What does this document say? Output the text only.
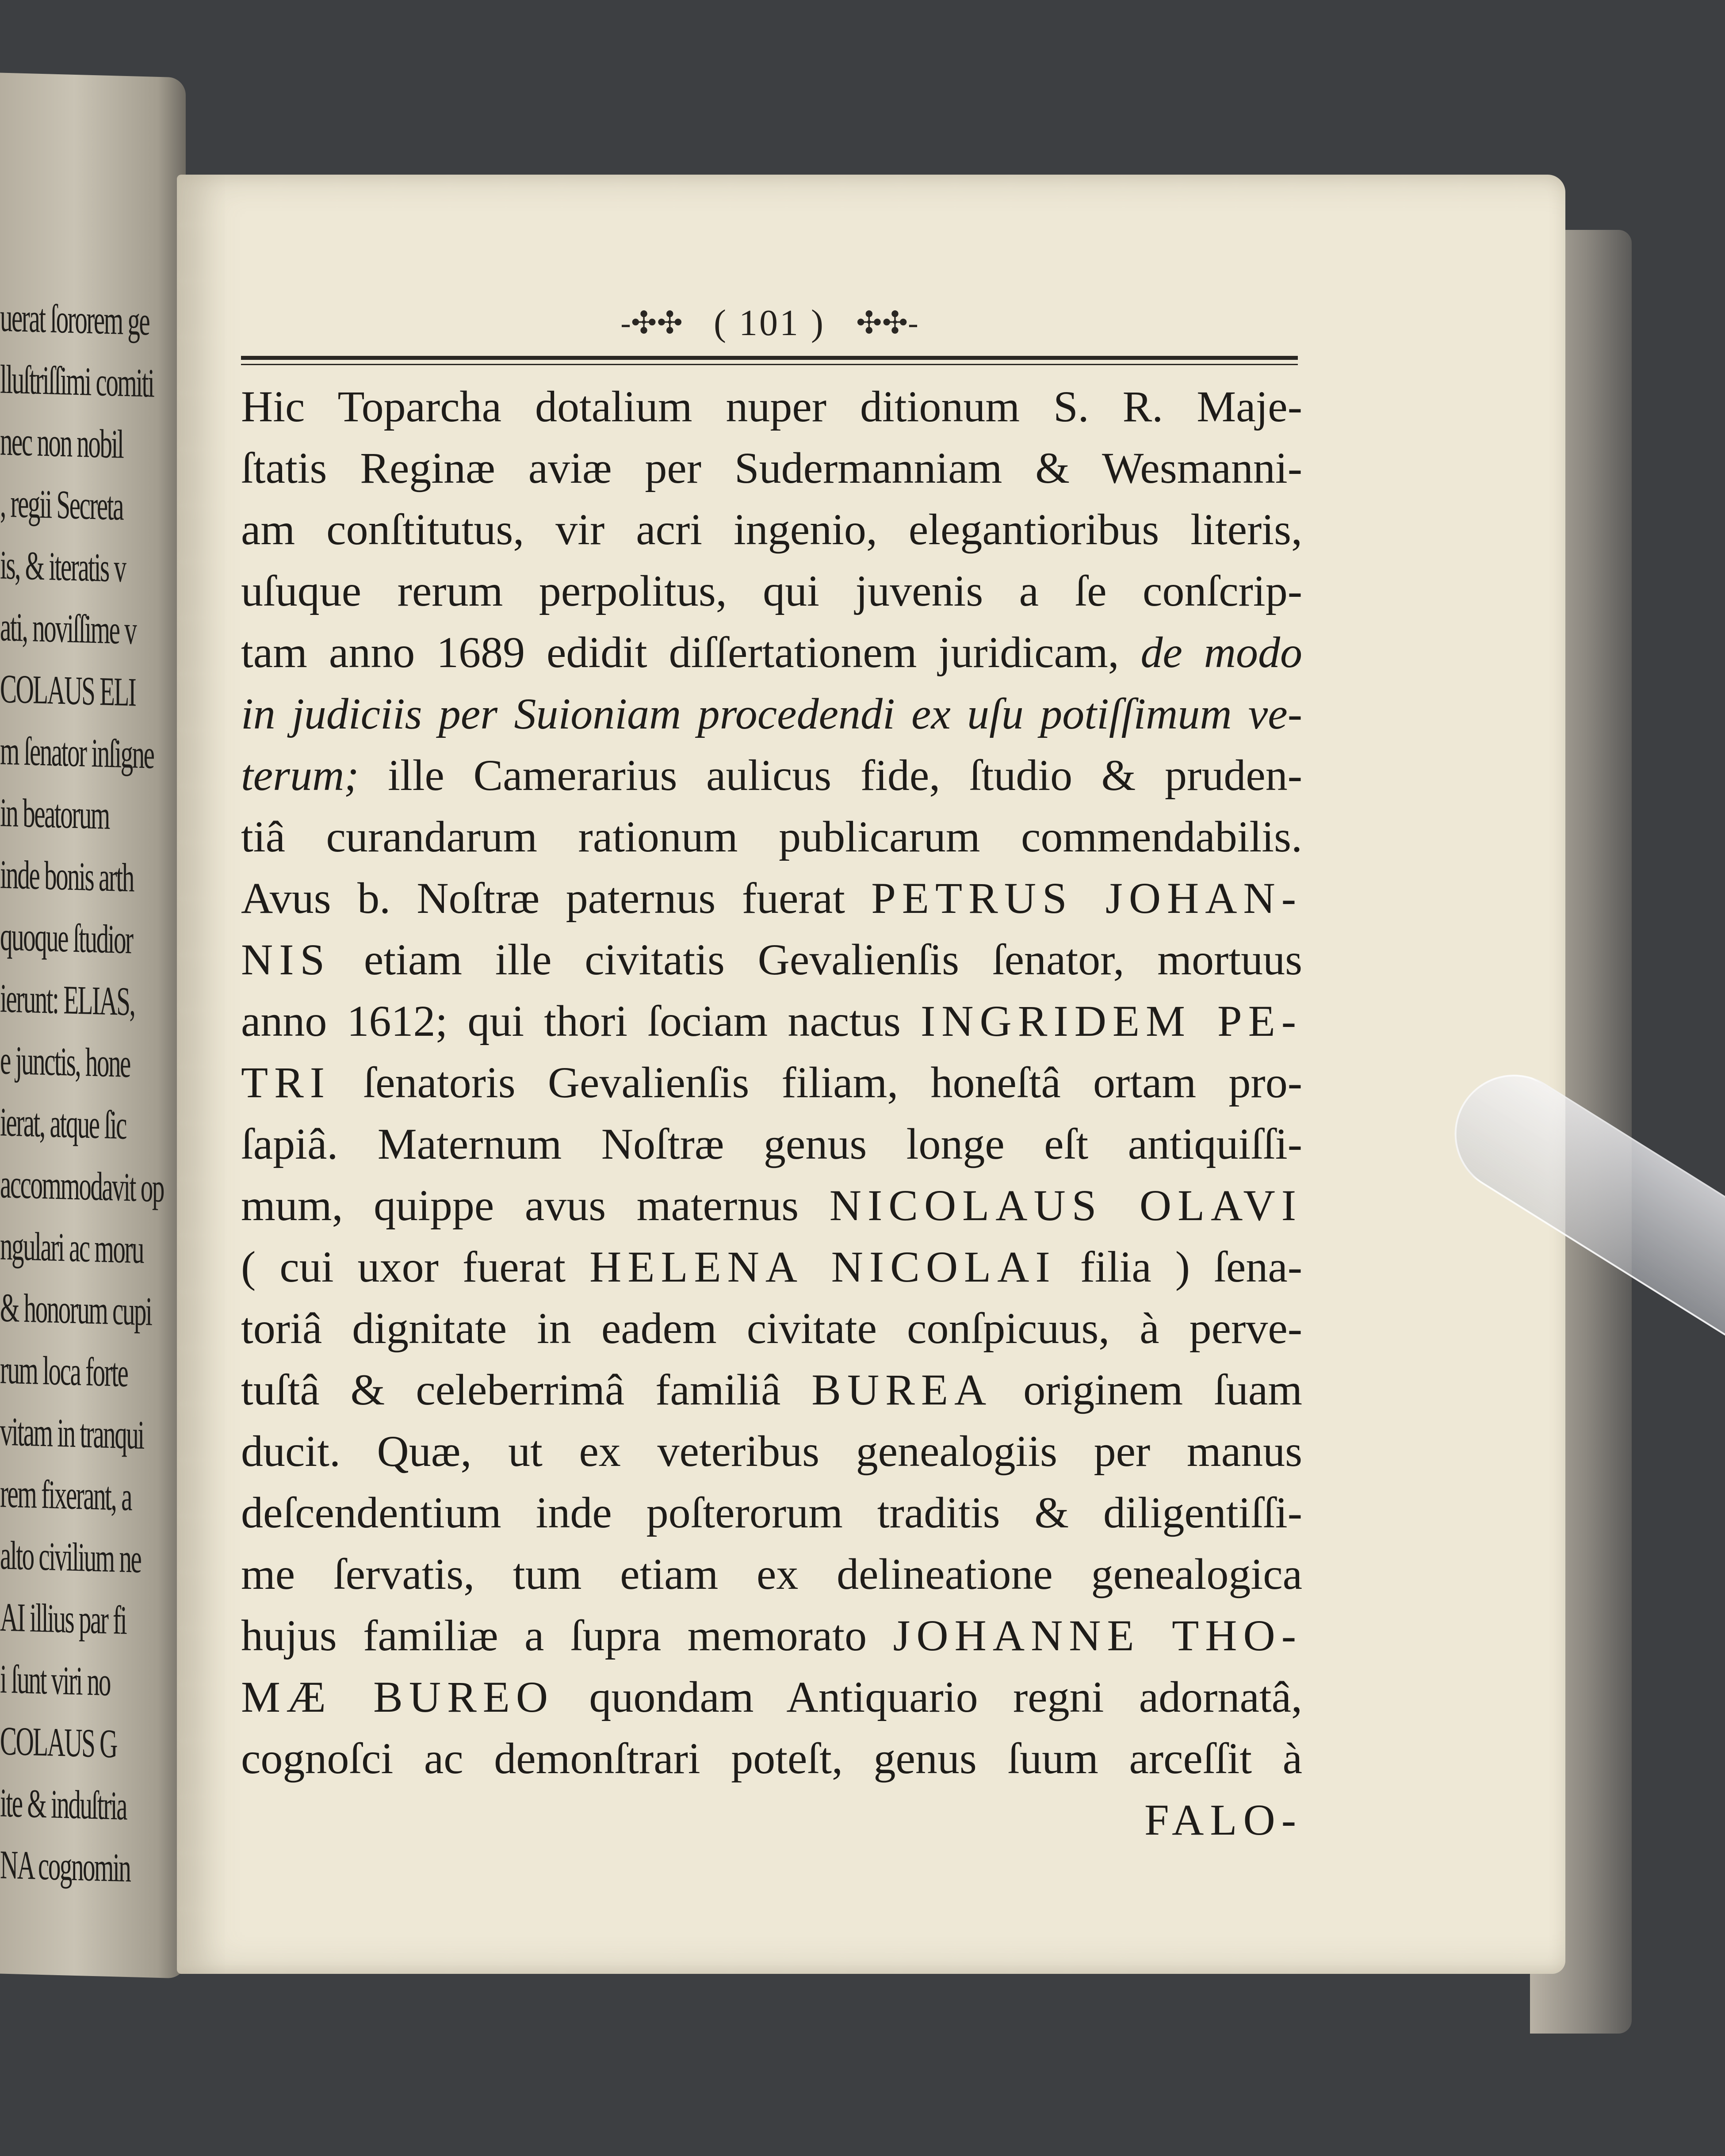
uerat ſororem ge
lluſtriſſimi comiti
nec non nobil
, regii Secreta
is, & iteratis v
ati, noviſſime v
COLAUS ELI
m ſenator inſigne
in beatorum
inde bonis arth
quoque ſtudior
ierunt: ELIAS,
e junctis, hone
ierat, atque ſic
accommodavit op
ngulari ac moru
& honorum cupi
rum loca forte
vitam in tranqui
rem fixerant, a
alto civilium ne
AI illius par fi
i ſunt viri no
COLAUS G
ite & induſtria
NA cognomin
-✣✣ ( 101 ) ✣✣-
Hic Toparcha dotalium nuper ditionum S. R. Maje-
ſtatis Reginæ aviæ per Sudermanniam & Wesmanni-
am conſtitutus, vir acri ingenio, elegantioribus literis,
uſuque rerum perpolitus, qui juvenis a ſe conſcrip-
tam anno 1689 edidit diſſertationem juridicam, de modo
in judiciis per Suioniam procedendi ex uſu potiſſimum ve-
terum; ille Camerarius aulicus fide, ſtudio & pruden-
tiâ curandarum rationum publicarum commendabilis.
Avus b. Noſtræ paternus fuerat PETRUS JOHAN-
NIS etiam ille civitatis Gevalienſis ſenator, mortuus
anno 1612; qui thori ſociam nactus INGRIDEM PE-
TRI ſenatoris Gevalienſis filiam, honeſtâ ortam pro-
ſapiâ. Maternum Noſtræ genus longe eſt antiquiſſi-
mum, quippe avus maternus NICOLAUS OLAVI
( cui uxor fuerat HELENA NICOLAI filia ) ſena-
toriâ dignitate in eadem civitate conſpicuus, à perve-
tuſtâ & celeberrimâ familiâ BUREA originem ſuam
ducit. Quæ, ut ex veteribus genealogiis per manus
deſcendentium inde poſterorum traditis & diligentiſſi-
me ſervatis, tum etiam ex delineatione genealogica
hujus familiæ a ſupra memorato JOHANNE THO-
MÆ BUREO quondam Antiquario regni adornatâ,
cognoſci ac demonſtrari poteſt, genus ſuum arceſſit à
FALO-
